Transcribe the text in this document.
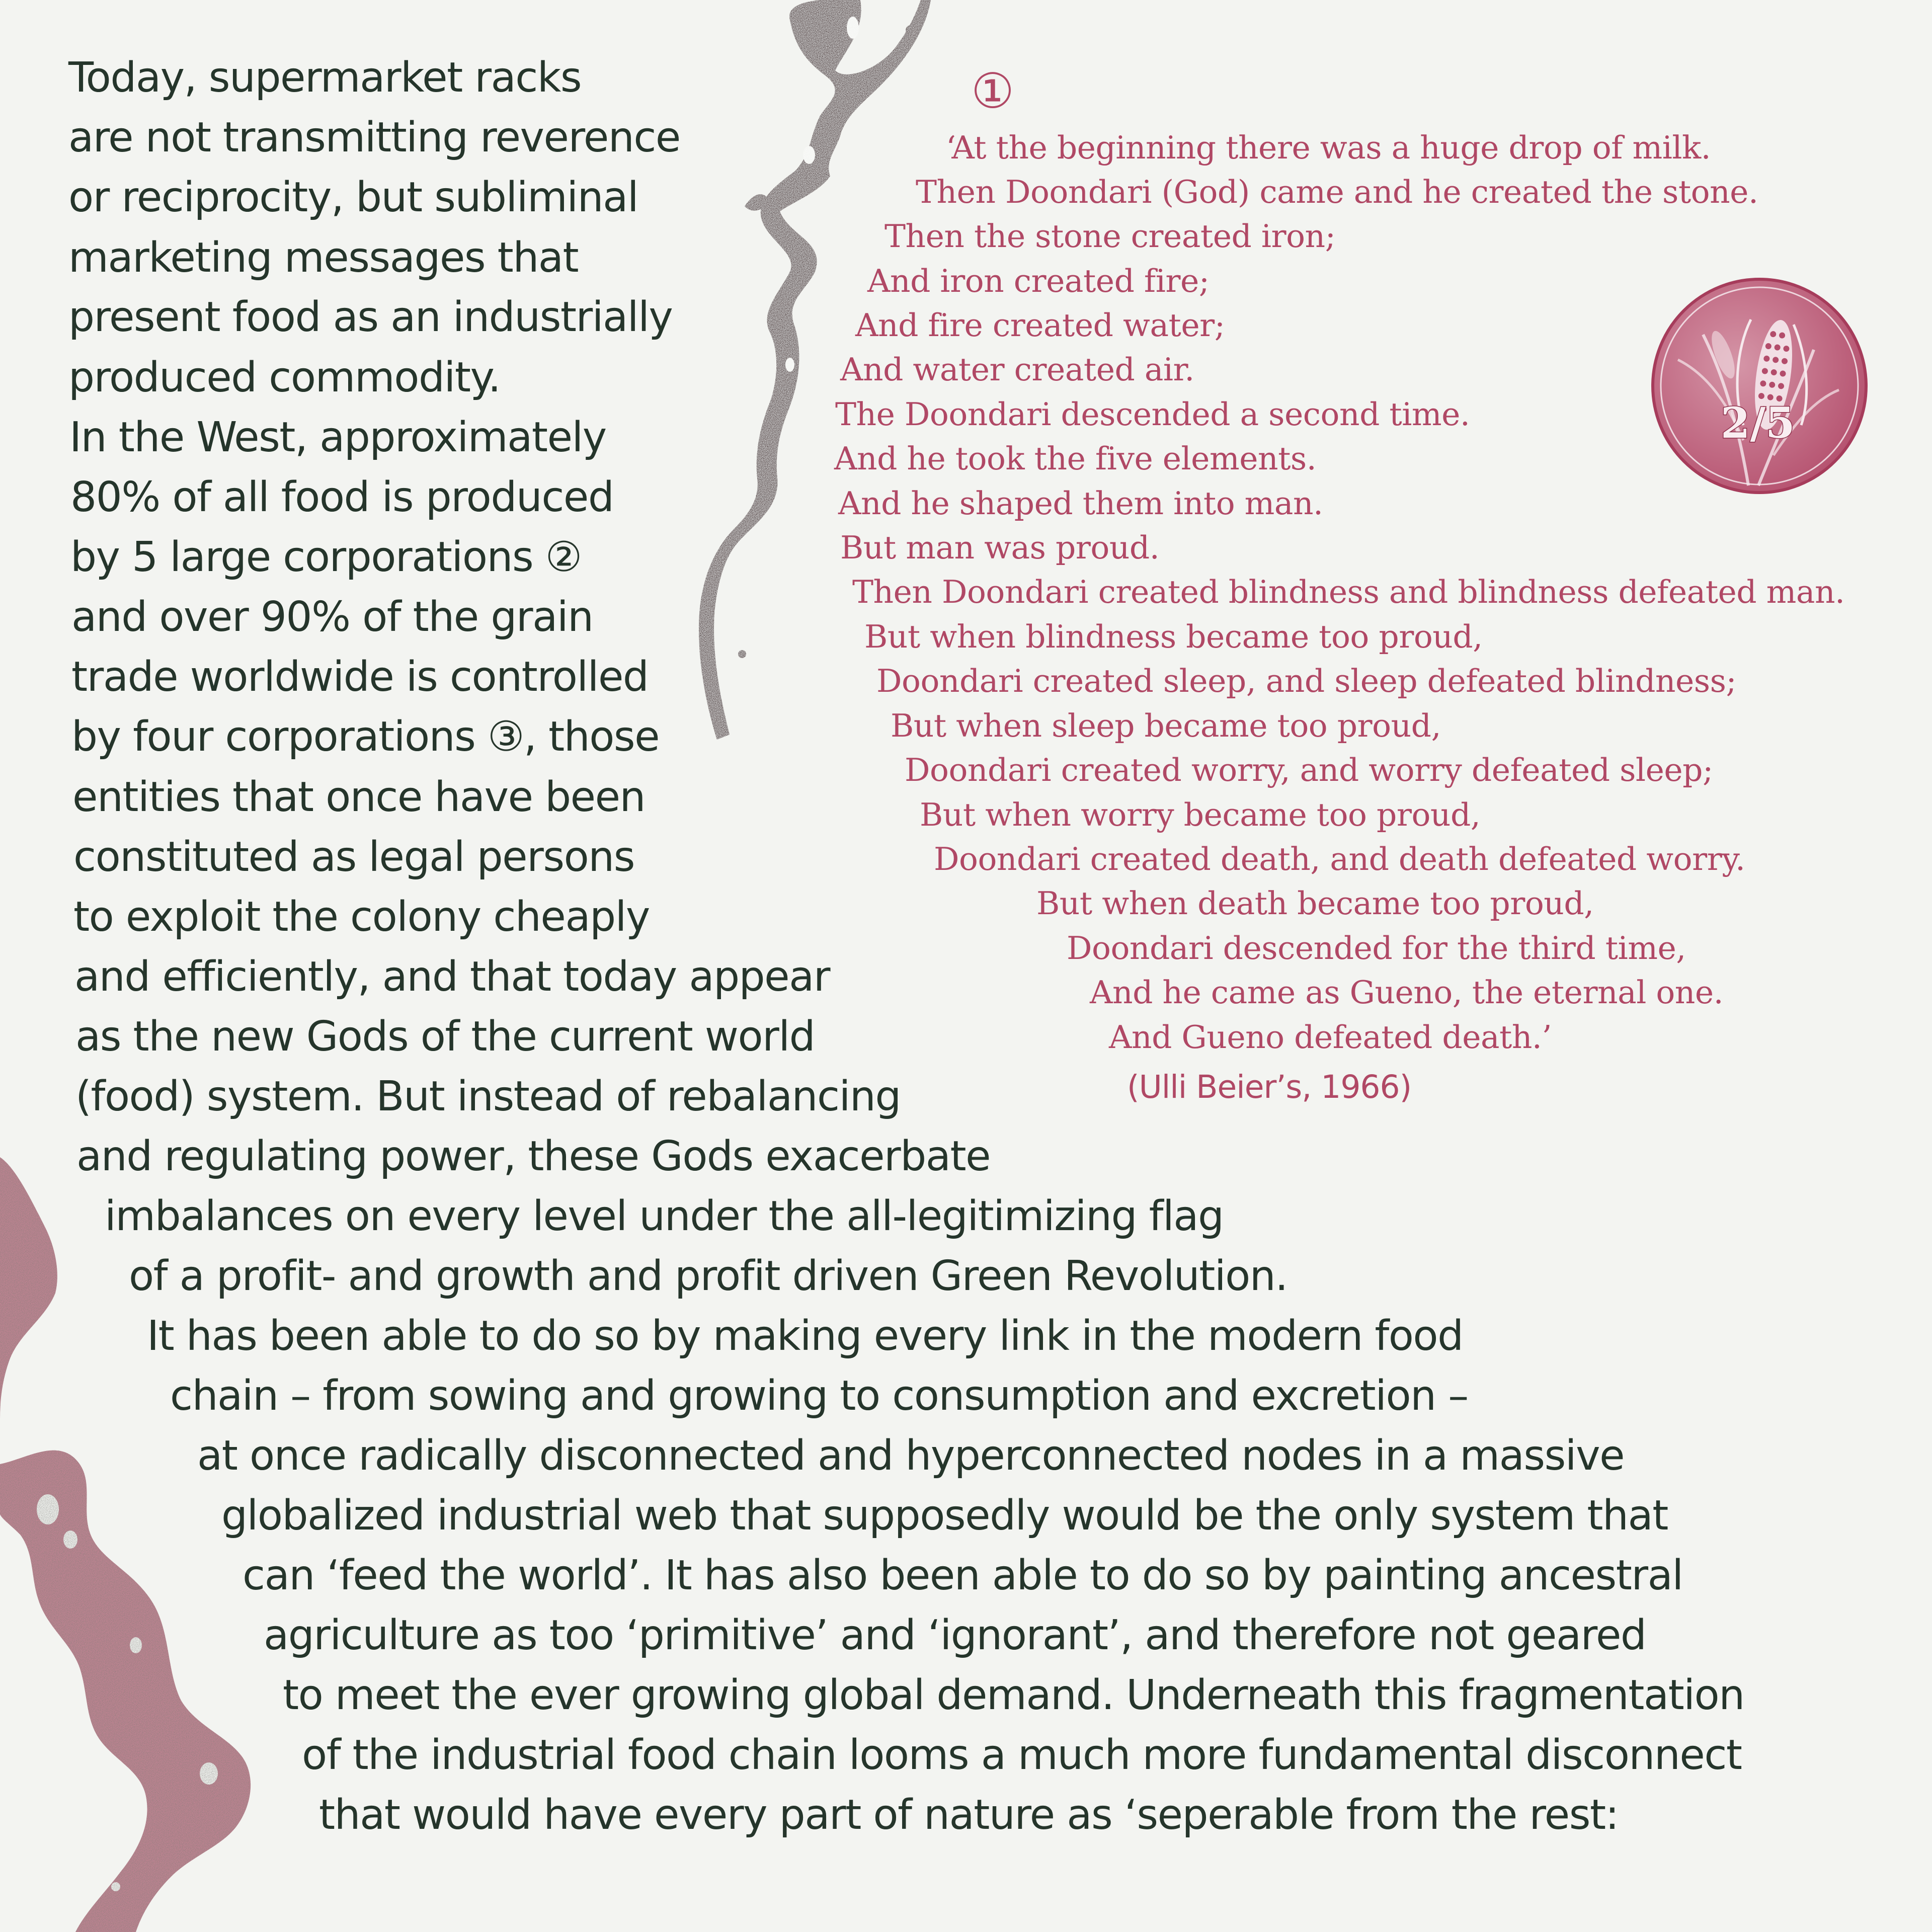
Today, supermarket racks
are not transmitting reverence
or reciprocity, but subliminal
marketing messages that
present food as an industrially
produced commodity.
In the West, approximately
80% of all food is produced
by 5 large corporations ②
and over 90% of the grain
trade worldwide is controlled
by four corporations ③, those
entities that once have been
constituted as legal persons
to exploit the colony cheaply
and efficiently, and that today appear
as the new Gods of the current world
(food) system. But instead of rebalancing
and regulating power, these Gods exacerbate
imbalances on every level under the all-legitimizing flag
of a profit- and growth and profit driven Green Revolution.
It has been able to do so by making every link in the modern food
chain – from sowing and growing to consumption and excretion –
at once radically disconnected and hyperconnected nodes in a massive
globalized industrial web that supposedly would be the only system that
can ‘feed the world’. It has also been able to do so by painting ancestral
agriculture as too ‘primitive’ and ‘ignorant’, and therefore not geared
to meet the ever growing global demand. Underneath this fragmentation
of the industrial food chain looms a much more fundamental disconnect
that would have every part of nature as ‘seperable from the rest:
①
‘At the beginning there was a huge drop of milk.
Then Doondari (God) came and he created the stone.
Then the stone created iron;
And iron created fire;
And fire created water;
And water created air.
The Doondari descended a second time.
And he took the five elements.
And he shaped them into man.
But man was proud.
Then Doondari created blindness and blindness defeated man.
But when blindness became too proud,
Doondari created sleep, and sleep defeated blindness;
But when sleep became too proud,
Doondari created worry, and worry defeated sleep;
But when worry became too proud,
Doondari created death, and death defeated worry.
But when death became too proud,
Doondari descended for the third time,
And he came as Gueno, the eternal one.
And Gueno defeated death.’
(Ulli Beier’s, 1966)
2/5
